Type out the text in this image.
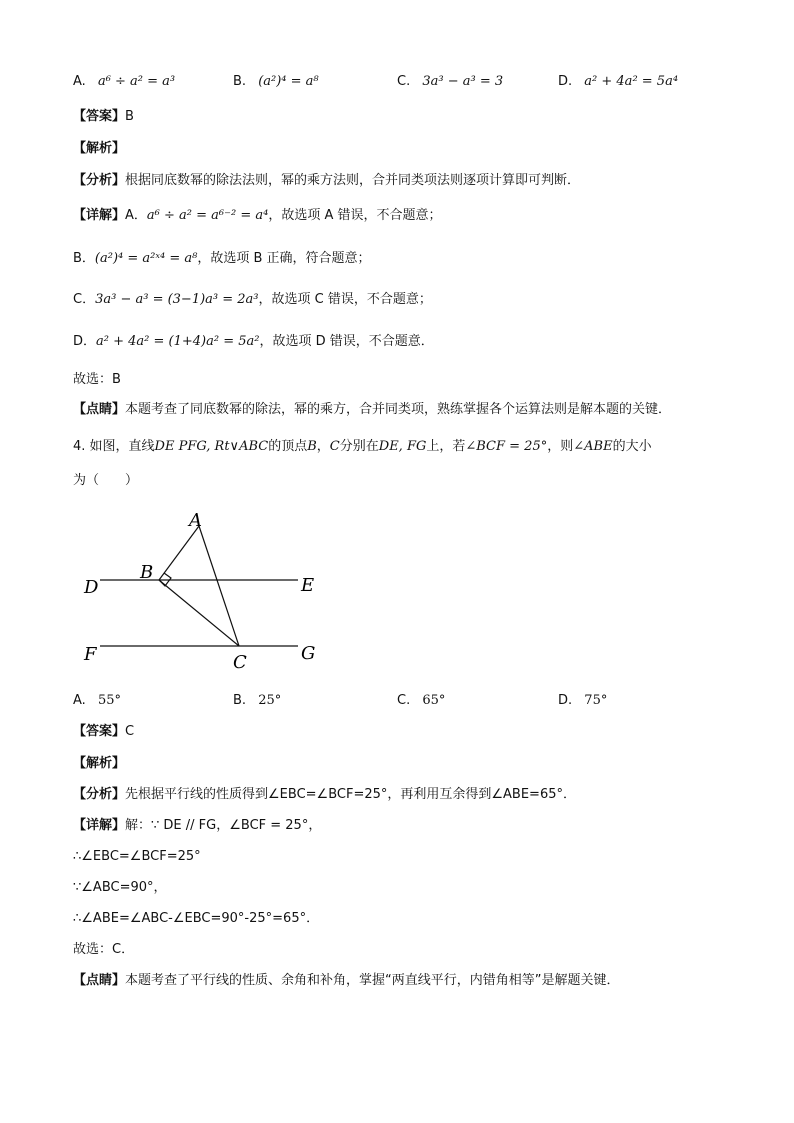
A. a⁶ ÷ a² = a³	B. (a²)⁴ = a⁸	C. 3a³ − a³ = 3	D. a² + 4a² = 5a⁴
【答案】B
【解析】
【分析】根据同底数幂的除法法则，幂的乘方法则，合并同类项法则逐项计算即可判断．
【详解】A．a⁶ ÷ a² = a⁶⁻² = a⁴，故选项 A 错误，不合题意；
B．(a²)⁴ = a²ˣ⁴ = a⁸，故选项 B 正确，符合题意；
C．3a³ − a³ = (3−1)a³ = 2a³，故选项 C 错误，不合题意；
D．a² + 4a² = (1+4)a² = 5a²，故选项 D 错误，不合题意．
故选：B
【点睛】本题考查了同底数幂的除法，幂的乘方，合并同类项，熟练掌握各个运算法则是解本题的关键．
4. 如图，直线DE PFG, Rt∨ABC的顶点B，C分别在DE, FG上，若∠BCF = 25°，则∠ABE的大小
为（　　）
A
B
C
D	E
F	G
A. 55°	B. 25°	C. 65°	D. 75°
【答案】C
【解析】
【分析】先根据平行线的性质得到∠EBC=∠BCF=25°，再利用互余得到∠ABE=65°．
【详解】解：∵ DE // FG，∠BCF = 25°，
∴∠EBC=∠BCF=25°
∵∠ABC=90°，
∴∠ABE=∠ABC-∠EBC=90°-25°=65°．
故选：C．
【点睛】本题考查了平行线的性质、余角和补角，掌握“两直线平行，内错角相等”是解题关键．
